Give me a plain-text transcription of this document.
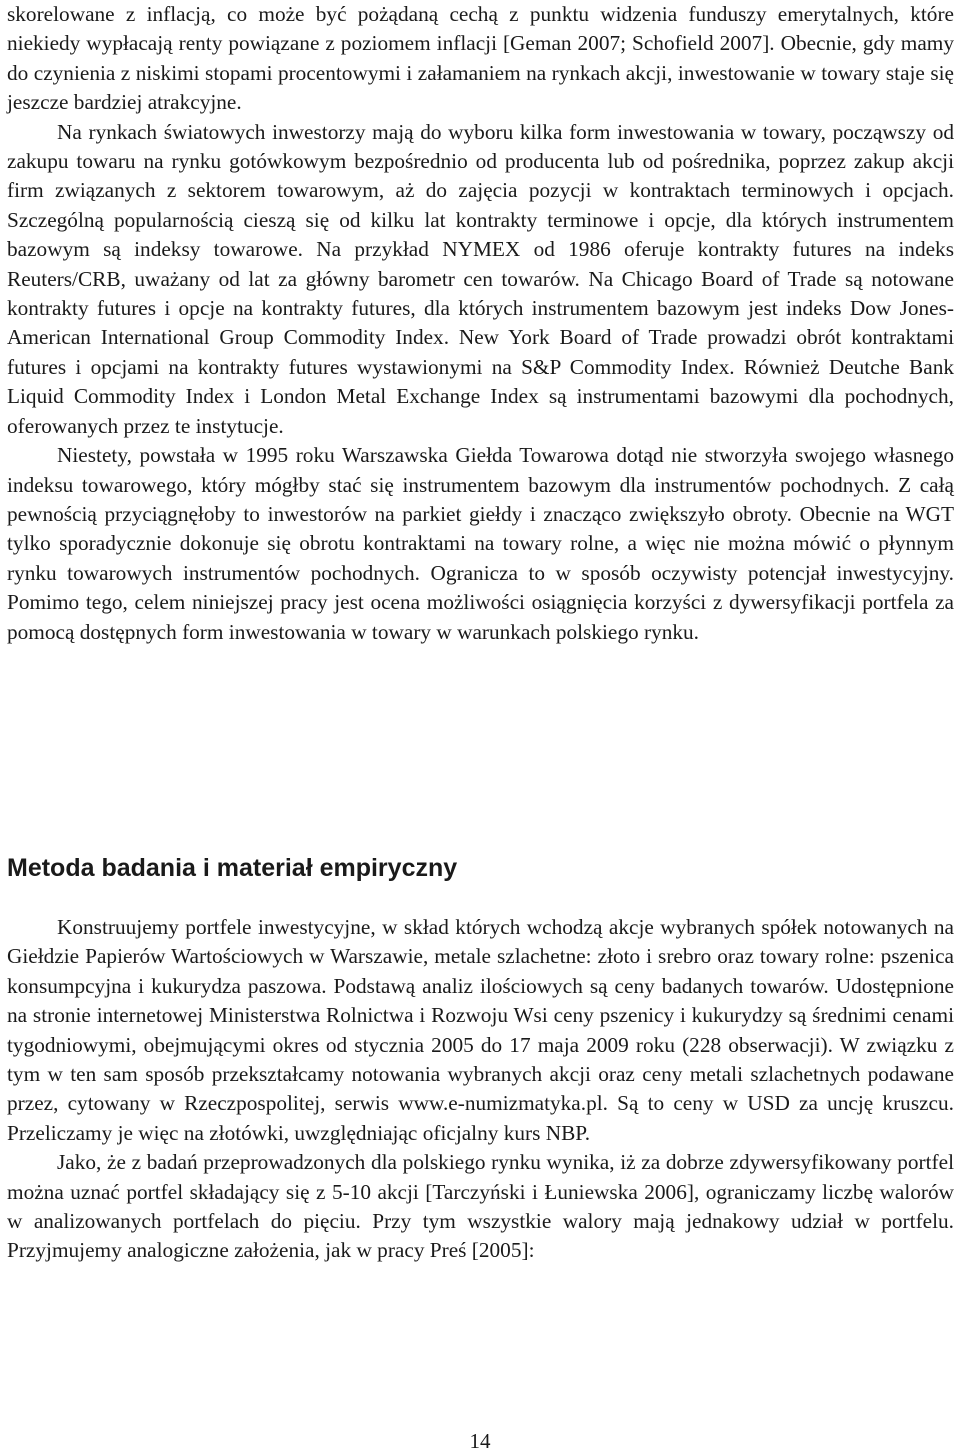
skorelowane z inflacją, co może być pożądaną cechą z punktu widzenia funduszy emerytalnych, które niekiedy wypłacają renty powiązane z poziomem inflacji [Geman 2007; Schofield 2007]. Obecnie, gdy mamy do czynienia z niskimi stopami procentowymi i załamaniem na rynkach akcji, inwestowanie w towary staje się jeszcze bardziej atrakcyjne.

Na rynkach światowych inwestorzy mają do wyboru kilka form inwestowania w towary, począwszy od zakupu towaru na rynku gotówkowym bezpośrednio od producenta lub od pośrednika, poprzez zakup akcji firm związanych z sektorem towarowym, aż do zajęcia pozycji w kontraktach terminowych i opcjach. Szczególną popularnością cieszą się od kilku lat kontrakty terminowe i opcje, dla których instrumentem bazowym są indeksy towarowe. Na przykład NYMEX od 1986 oferuje kontrakty futures na indeks Reuters/CRB, uważany od lat za główny barometr cen towarów. Na Chicago Board of Trade są notowane kontrakty futures i opcje na kontrakty futures, dla których instrumentem bazowym jest indeks Dow Jones-American International Group Commodity Index. New York Board of Trade prowadzi obrót kontraktami futures i opcjami na kontrakty futures wystawionymi na S&P Commodity Index. Również Deutche Bank Liquid Commodity Index i London Metal Exchange Index są instrumentami bazowymi dla pochodnych, oferowanych przez te instytucje.

Niestety, powstała w 1995 roku Warszawska Giełda Towarowa dotąd nie stworzyła swojego własnego indeksu towarowego, który mógłby stać się instrumentem bazowym dla instrumentów pochodnych. Z całą pewnością przyciągnęłoby to inwestorów na parkiet giełdy i znacząco zwiększyło obroty. Obecnie na WGT tylko sporadycznie dokonuje się obrotu kontraktami na towary rolne, a więc nie można mówić o płynnym rynku towarowych instrumentów pochodnych. Ogranicza to w sposób oczywisty potencjał inwestycyjny. Pomimo tego, celem niniejszej pracy jest ocena możliwości osiągnięcia korzyści z dywersyfikacji portfela za pomocą dostępnych form inwestowania w towary w warunkach polskiego rynku.

Metoda badania i materiał empiryczny

Konstruujemy portfele inwestycyjne, w skład których wchodzą akcje wybranych spółek notowanych na Giełdzie Papierów Wartościowych w Warszawie, metale szlachetne: złoto i srebro oraz towary rolne: pszenica konsumpcyjna i kukurydza paszowa. Podstawą analiz ilościowych są ceny badanych towarów. Udostępnione na stronie internetowej Ministerstwa Rolnictwa i Rozwoju Wsi ceny pszenicy i kukurydzy są średnimi cenami tygodniowymi, obejmującymi okres od stycznia 2005 do 17 maja 2009 roku (228 obserwacji). W związku z tym w ten sam sposób przekształcamy notowania wybranych akcji oraz ceny metali szlachetnych podawane przez, cytowany w Rzeczpospolitej, serwis www.e-numizmatyka.pl. Są to ceny w USD za uncję kruszcu. Przeliczamy je więc na złotówki, uwzględniając oficjalny kurs NBP.

Jako, że z badań przeprowadzonych dla polskiego rynku wynika, iż za dobrze zdywersyfikowany portfel można uznać portfel składający się z 5-10 akcji [Tarczyński i Łuniewska 2006], ograniczamy liczbę walorów w analizowanych portfelach do pięciu. Przy tym wszystkie walory mają jednakowy udział w portfelu. Przyjmujemy analogiczne założenia, jak w pracy Preś [2005]:

14
